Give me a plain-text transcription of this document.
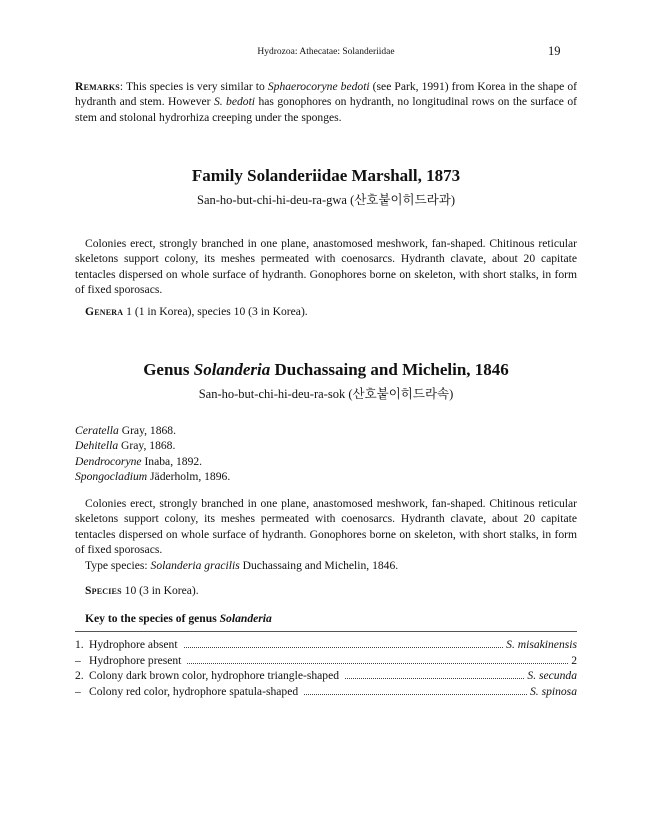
Hydrozoa: Athecatae: Solanderiidae	19

Remarks: This species is very similar to Sphaerocoryne bedoti (see Park, 1991) from Korea in the shape of hydranth and stem. However S. bedoti has gonophores on hydranth, no longitudinal rows on the surface of stem and stolonal hydrorhiza creeping under the sponges.

Family Solanderiidae Marshall, 1873
San-ho-but-chi-hi-deu-ra-gwa (산호붙이히드라과)

Colonies erect, strongly branched in one plane, anastomosed meshwork, fan-shaped. Chitinous reticular skeletons support colony, its meshes permeated with coenosarcs. Hydranth clavate, about 20 capitate tentacles dispersed on whole surface of hydranth. Gonophores borne on skeleton, with short stalks, in form of fixed sporosacs.

Genera 1 (1 in Korea), species 10 (3 in Korea).

Genus Solanderia Duchassaing and Michelin, 1846
San-ho-but-chi-hi-deu-ra-sok (산호붙이히드라속)

Ceratella Gray, 1868.

Dehitella Gray, 1868.

Dendrocoryne Inaba, 1892.

Spongocladium Jäderholm, 1896.

Colonies erect, strongly branched in one plane, anastomosed meshwork, fan-shaped. Chitinous reticular skeletons support colony, its meshes permeated with coenosarcs. Hydranth clavate, about 20 capitate tentacles dispersed on whole surface of hydranth. Gonophores borne on skeleton, with short stalks, in form of fixed sporosacs.

Type species: Solanderia gracilis Duchassaing and Michelin, 1846.

Species 10 (3 in Korea).

Key to the species of genus Solanderia

1. Hydrophore absent	S. misakinensis
– Hydrophore present	2
2. Colony dark brown color, hydrophore triangle-shaped	S. secunda
– Colony red color, hydrophore spatula-shaped	S. spinosa
